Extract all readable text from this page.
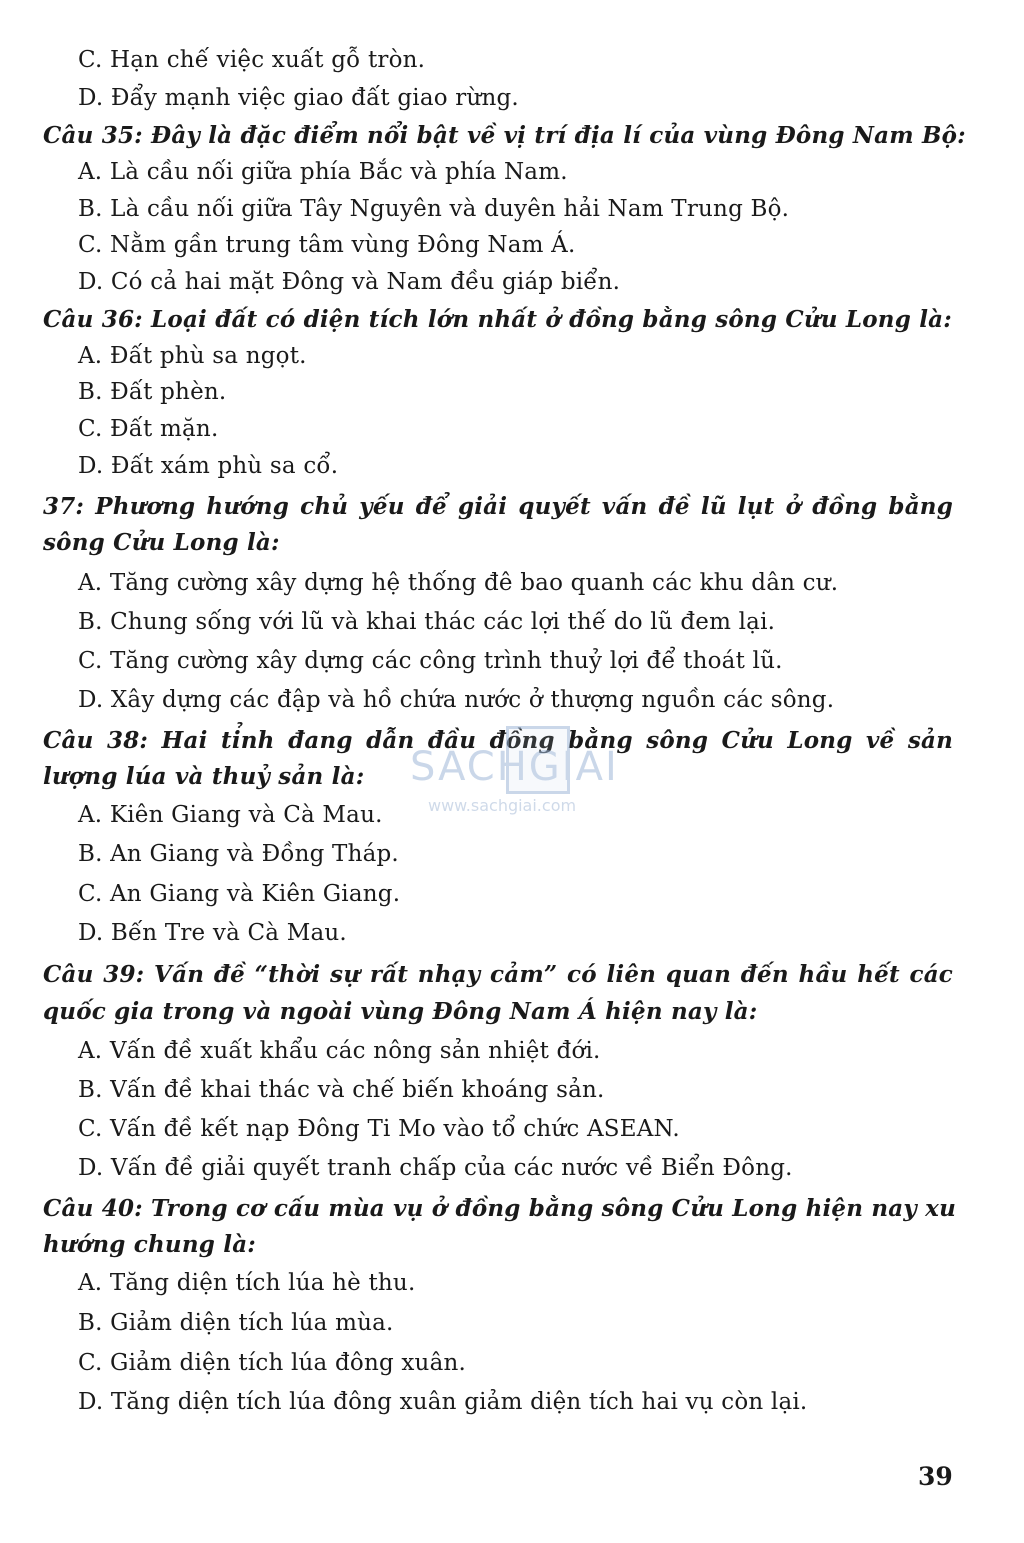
C. Hạn chế việc xuất gỗ tròn.
D. Đẩy mạnh việc giao đất giao rừng.
Câu 35: Đây là đặc điểm nổi bật về vị trí địa lí của vùng Đông Nam Bộ:
A. Là cầu nối giữa phía Bắc và phía Nam.
B. Là cầu nối giữa Tây Nguyên và duyên hải Nam Trung Bộ.
C. Nằm gần trung tâm vùng Đông Nam Á.
D. Có cả hai mặt Đông và Nam đều giáp biển.
Câu 36: Loại đất có diện tích lớn nhất ở đồng bằng sông Cửu Long là:
A. Đất phù sa ngọt.
B. Đất phèn.
C. Đất mặn.
D. Đất xám phù sa cổ.
37: Phương hướng chủ yếu để giải quyết vấn đề lũ lụt ở đồng bằng
sông Cửu Long là:
A. Tăng cường xây dựng hệ thống đê bao quanh các khu dân cư.
B. Chung sống với lũ và khai thác các lợi thế do lũ đem lại.
C. Tăng cường xây dựng các công trình thuỷ lợi để thoát lũ.
D. Xây dựng các đập và hồ chứa nước ở thượng nguồn các sông.
Câu 38: Hai tỉnh đang dẫn đầu đồng bằng sông Cửu Long về sản
lượng lúa và thuỷ sản là:
A. Kiên Giang và Cà Mau.
B. An Giang và Đồng Tháp.
C. An Giang và Kiên Giang.
D. Bến Tre và Cà Mau.
Câu 39: Vấn đề “thời sự rất nhạy cảm” có liên quan đến hầu hết các
quốc gia trong và ngoài vùng Đông Nam Á hiện nay là:
A. Vấn đề xuất khẩu các nông sản nhiệt đới.
B. Vấn đề khai thác và chế biến khoáng sản.
C. Vấn đề kết nạp Đông Ti Mo vào tổ chức ASEAN.
D. Vấn đề giải quyết tranh chấp của các nước về Biển Đông.
Câu 40: Trong cơ cấu mùa vụ ở đồng bằng sông Cửu Long hiện nay xu
hướng chung là:
A. Tăng diện tích lúa hè thu.
B. Giảm diện tích lúa mùa.
C. Giảm diện tích lúa đông xuân.
D. Tăng diện tích lúa đông xuân giảm diện tích hai vụ còn lại.
SACHGIAI
www.sachgiai.com
39
